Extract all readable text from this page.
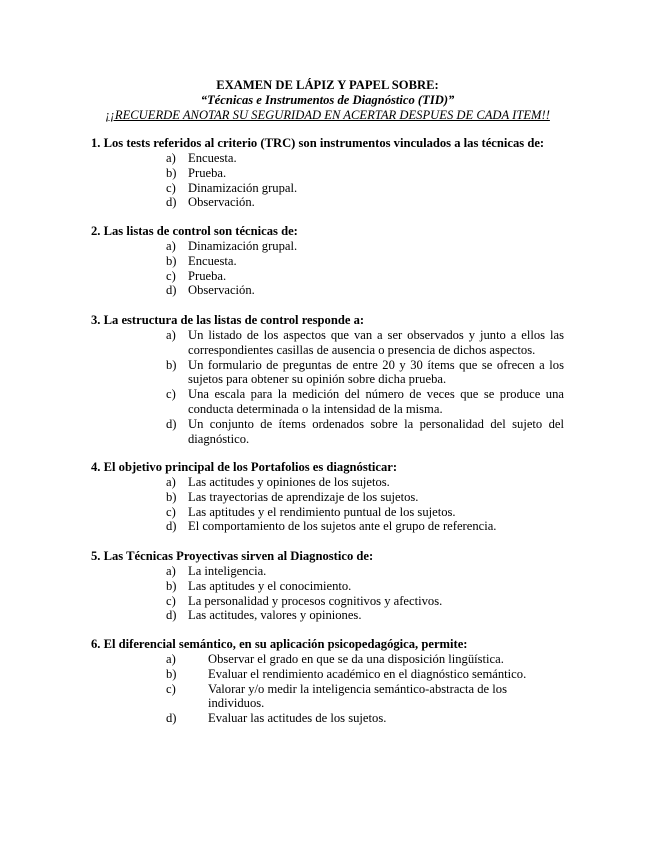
EXAMEN DE LÁPIZ Y PAPEL SOBRE:
“Técnicas e Instrumentos de Diagnóstico (TID)”
¡¡RECUERDE ANOTAR SU SEGURIDAD EN ACERTAR DESPUES DE CADA ITEM!!
1. Los tests referidos al criterio (TRC) son instrumentos vinculados a las técnicas de:
a) Encuesta.
b) Prueba.
c) Dinamización grupal.
d) Observación.
2. Las listas de control son técnicas de:
a) Dinamización grupal.
b) Encuesta.
c) Prueba.
d) Observación.
3. La estructura de las listas de control responde a:
a) Un listado de los aspectos que van a ser observados y junto a ellos las correspondientes casillas de ausencia o presencia de dichos aspectos.
b) Un formulario de preguntas de entre 20 y 30 ítems que se ofrecen a los sujetos para obtener su opinión sobre dicha prueba.
c) Una escala para la medición del número de veces que se produce una conducta determinada o la intensidad de la misma.
d) Un conjunto de ítems ordenados sobre la personalidad del sujeto del diagnóstico.
4. El objetivo principal de los Portafolios es diagnósticar:
a) Las actitudes y opiniones de los sujetos.
b) Las trayectorias de aprendizaje de los sujetos.
c) Las aptitudes y el rendimiento puntual de los sujetos.
d) El comportamiento de los sujetos ante el grupo de referencia.
5. Las Técnicas Proyectivas sirven al Diagnostico de:
a) La inteligencia.
b) Las aptitudes y el conocimiento.
c) La personalidad y procesos cognitivos y afectivos.
d) Las actitudes, valores y opiniones.
6. El diferencial semántico, en su aplicación psicopedagógica, permite:
a)	Observar el grado en que se da una disposición lingüística.
b)	Evaluar el rendimiento académico en el diagnóstico semántico.
c)	Valorar y/o medir la inteligencia semántico-abstracta de los individuos.
d)	Evaluar las actitudes de los sujetos.
